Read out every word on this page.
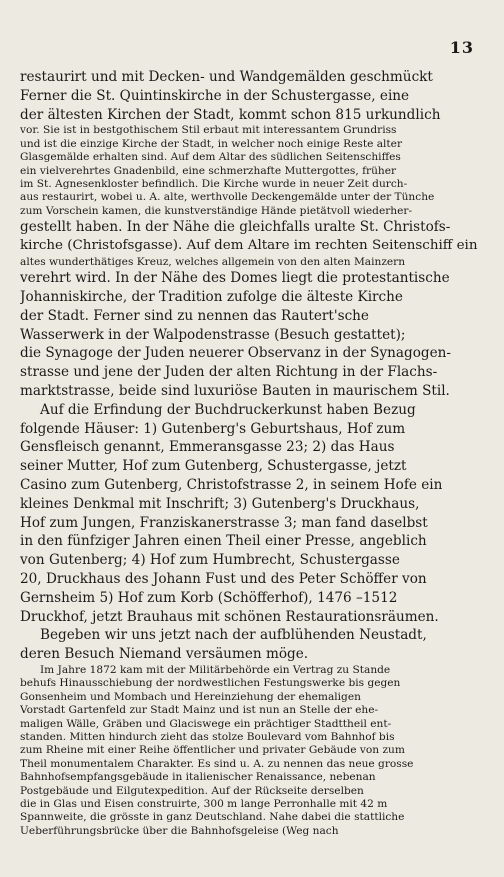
13
restaurirt und mit Decken- und Wandgemälden geschmückt
Ferner die St. Quintinskirche in der Schustergasse, eine
der ältesten Kirchen der Stadt, kommt schon 815 urkundlich
vor. Sie ist in bestgothischem Stil erbaut mit interessantem Grundriss
und ist die einzige Kirche der Stadt, in welcher noch einige Reste alter
Glasgemälde erhalten sind. Auf dem Altar des südlichen Seitenschiffes
ein vielverehrtes Gnadenbild, eine schmerzhafte Muttergottes, früher
im St. Agnesenkloster befindlich. Die Kirche wurde in neuer Zeit durch-
aus restaurirt, wobei u. A. alte, werthvolle Deckengemälde unter der Tünche
zum Vorschein kamen, die kunstverständige Hände pietätvoll wiederher-
gestellt haben. In der Nähe die gleichfalls uralte St. Christofs-
kirche (Christofsgasse). Auf dem Altare im rechten Seitenschiff ein
altes wunderthätiges Kreuz, welches allgemein von den alten Mainzern
verehrt wird. In der Nähe des Domes liegt die protestantische
Johanniskirche, der Tradition zufolge die älteste Kirche
der Stadt. Ferner sind zu nennen das Rautert'sche
Wasserwerk in der Walpodenstrasse (Besuch gestattet);
die Synagoge der Juden neuerer Observanz in der Synagogen-
strasse und jene der Juden der alten Richtung in der Flachs-
marktstrasse, beide sind luxuriöse Bauten in maurischem Stil.
Auf die Erfindung der Buchdruckerkunst haben Bezug
folgende Häuser: 1) Gutenberg's Geburtshaus, Hof zum
Gensfleisch genannt, Emmeransgasse 23; 2) das Haus
seiner Mutter, Hof zum Gutenberg, Schustergasse, jetzt
Casino zum Gutenberg, Christofstrasse 2, in seinem Hofe ein
kleines Denkmal mit Inschrift; 3) Gutenberg's Druckhaus,
Hof zum Jungen, Franziskanerstrasse 3; man fand daselbst
in den fünfziger Jahren einen Theil einer Presse, angeblich
von Gutenberg; 4) Hof zum Humbrecht, Schustergasse
20, Druckhaus des Johann Fust und des Peter Schöffer von
Gernsheim 5) Hof zum Korb (Schöfferhof), 1476 –1512
Druckhof, jetzt Brauhaus mit schönen Restaurationsräumen.
Begeben wir uns jetzt nach der aufblühenden Neustadt,
deren Besuch Niemand versäumen möge.
Im Jahre 1872 kam mit der Militärbehörde ein Vertrag zu Stande
behufs Hinausschiebung der nordwestlichen Festungswerke bis gegen
Gonsenheim und Mombach und Hereinziehung der ehemaligen
Vorstadt Gartenfeld zur Stadt Mainz und ist nun an Stelle der ehe-
maligen Wälle, Gräben und Glaciswege ein prächtiger Stadttheil ent-
standen. Mitten hindurch zieht das stolze Boulevard vom Bahnhof bis
zum Rheine mit einer Reihe öffentlicher und privater Gebäude von zum
Theil monumentalem Charakter. Es sind u. A. zu nennen das neue grosse
Bahnhofsempfangsgebäude in italienischer Renaissance, nebenan
Postgebäude und Eilgutexpedition. Auf der Rückseite derselben
die in Glas und Eisen construirte, 300 m lange Perronhalle mit 42 m
Spannweite, die grösste in ganz Deutschland. Nahe dabei die stattliche
Ueberführungsbrücke über die Bahnhofsgeleise (Weg nach
